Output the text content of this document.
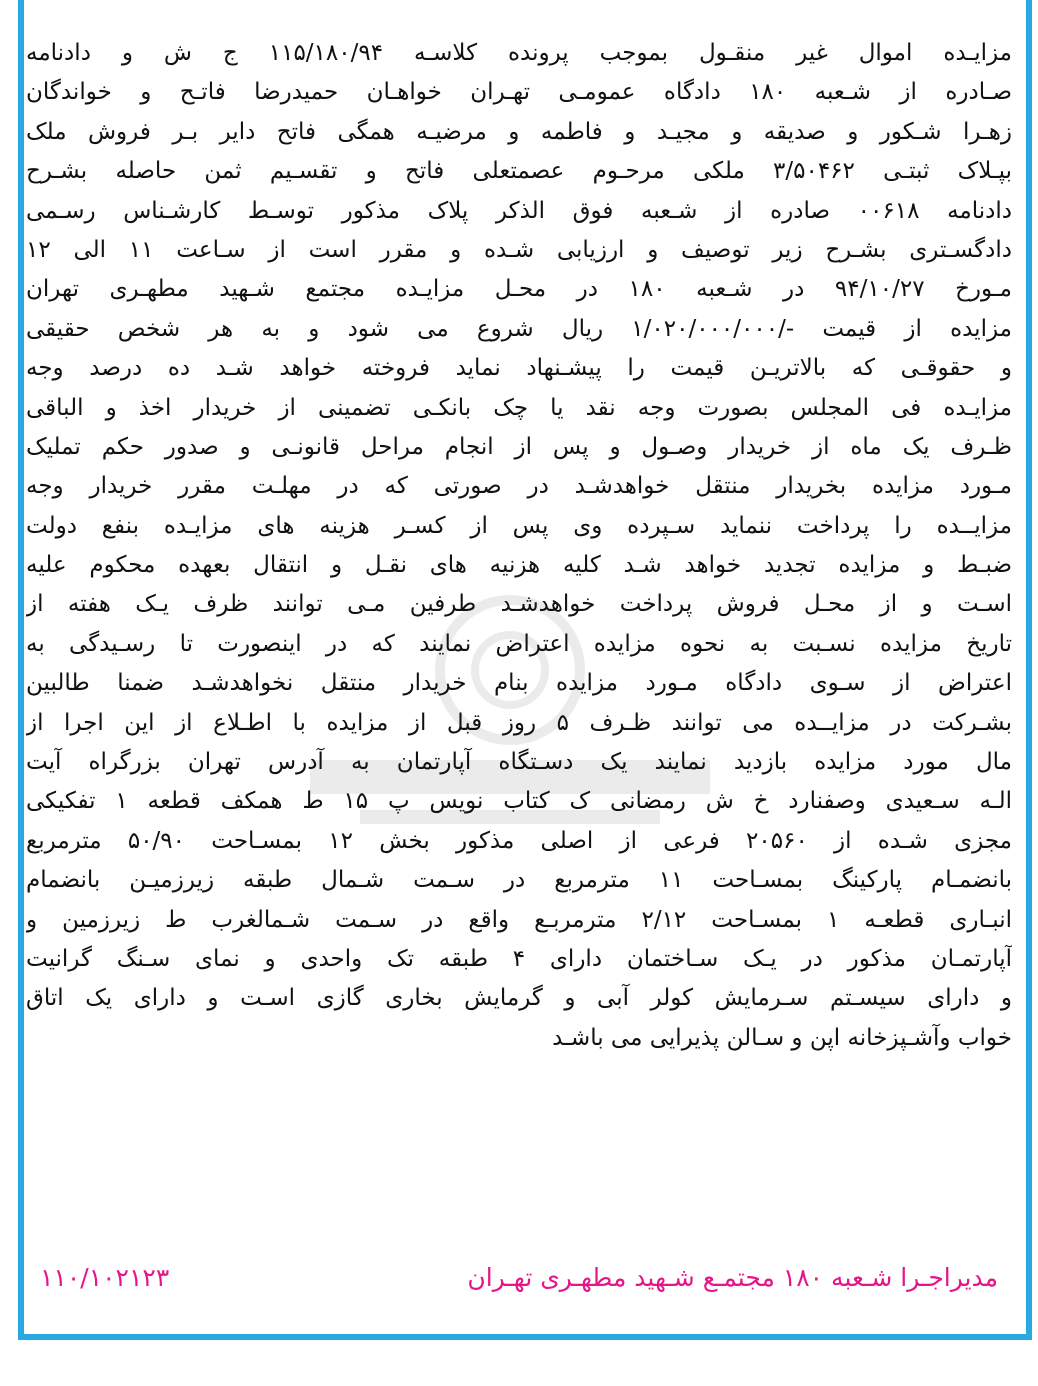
مزایـده اموال غیر منقـول بموجب پرونده کلاسـه ۱۱۵/۱۸۰/۹۴ ج ش و دادنامه
صـادره از شـعبه ۱۸۰ دادگاه عمومـی تهـران خواهـان حمیدرضا فاتـح و خواندگان
زهـرا شـکور و صدیقه و مجیـد و فاطمه و مرضیـه همگی فاتح دایر بـر فروش ملک
بپـلاک ثبتـی ۳/۵۰۴۶۲ ملکی مرحـوم عصمتعلی فاتح و تقسـیم ثمن حاصله بشـرح
دادنامه ۰۰۶۱۸ صادره از شـعبه فوق الذکر پلاک مذکور توسـط کارشـناس رسـمی
دادگسـتری بشـرح زیر توصیف و ارزیابی شـده و مقرر است از سـاعت ۱۱ الی ۱۲
مـورخ ۹۴/۱۰/۲۷ در شـعبه ۱۸۰ در محـل مزایـده مجتمع شـهید مطهـری تهران
مزایده از قیمت -/۱/۰۲۰/۰۰۰/۰۰۰ ریال شروع می شود و به هر شخص حقیقی
و حقوقـی که بالاتریـن قیمت را پیشـنهاد نماید فروخته خواهد شـد ده درصد وجه
مزایـده فی المجلس بصورت وجه نقد یا چک بانکـی تضمینی از خریدار اخذ و الباقی
ظـرف یک ماه از خریدار وصـول و پس از انجام مراحل قانونـی و صدور حکم تملیک
مـورد مزایده بخریدار منتقل خواهدشـد در صورتی که در مهلـت مقرر خریدار وجه
مزایــده را پرداخت ننماید سـپرده وی پس از کسـر هزینه های مزایـده بنفع دولت
ضبـط و مزایده تجدید خواهد شـد کلیه هزنیه های نقـل و انتقال بعهده محکوم علیه
اسـت و از محـل فروش پرداخت خواهدشـد طرفین مـی توانند ظرف یـک هفته از
تاریخ مزایده نسـبت به نحوه مزایده اعتراض نمایند که در اینصورت تا رسـیدگی به
اعتراض از سـوی دادگاه مـورد مزایده بنام خریدار منتقل نخواهدشـد ضمنا طالبین
بشـرکت در مزایــده می توانند ظـرف ۵ روز قبل از مزایده با اطـلاع از این اجرا از
مال مورد مزایده بازدید نمایند یک دسـتگاه آپارتمان به آدرس تهران بزرگراه آیت
الـه سـعیدی وصفنارد خ ش رمضانی ک کتاب نویس پ ۱۵ ط همکف قطعه ۱ تفکیکی
مجزی شـده از ۲۰۵۶۰ فرعی از اصلی مذکور بخش ۱۲ بمسـاحت ۵۰/۹۰ مترمربع
بانضمـام پارکینگ بمسـاحت ۱۱ مترمربع در سـمت شـمال طبقه زیرزمیـن بانضمام
انبـاری قطعـه ۱ بمسـاحت ۲/۱۲ مترمربـع واقع در سـمت شـمالغرب ط زیرزمین و
آپارتمـان مذکور در یـک سـاختمان دارای ۴ طبقه تک واحدی و نمای سـنگ گرانیت
و دارای سیسـتم سـرمایش کولر آبی و گرمایش بخاری گازی اسـت و دارای یک اتاق
خواب وآشـپزخانه اپن و سـالن پذیرایی می باشـد
مدیراجـرا شـعبه ۱۸۰ مجتمـع شـهید مطهـری تهـران
۱۱۰/۱۰۲۱۲۳
